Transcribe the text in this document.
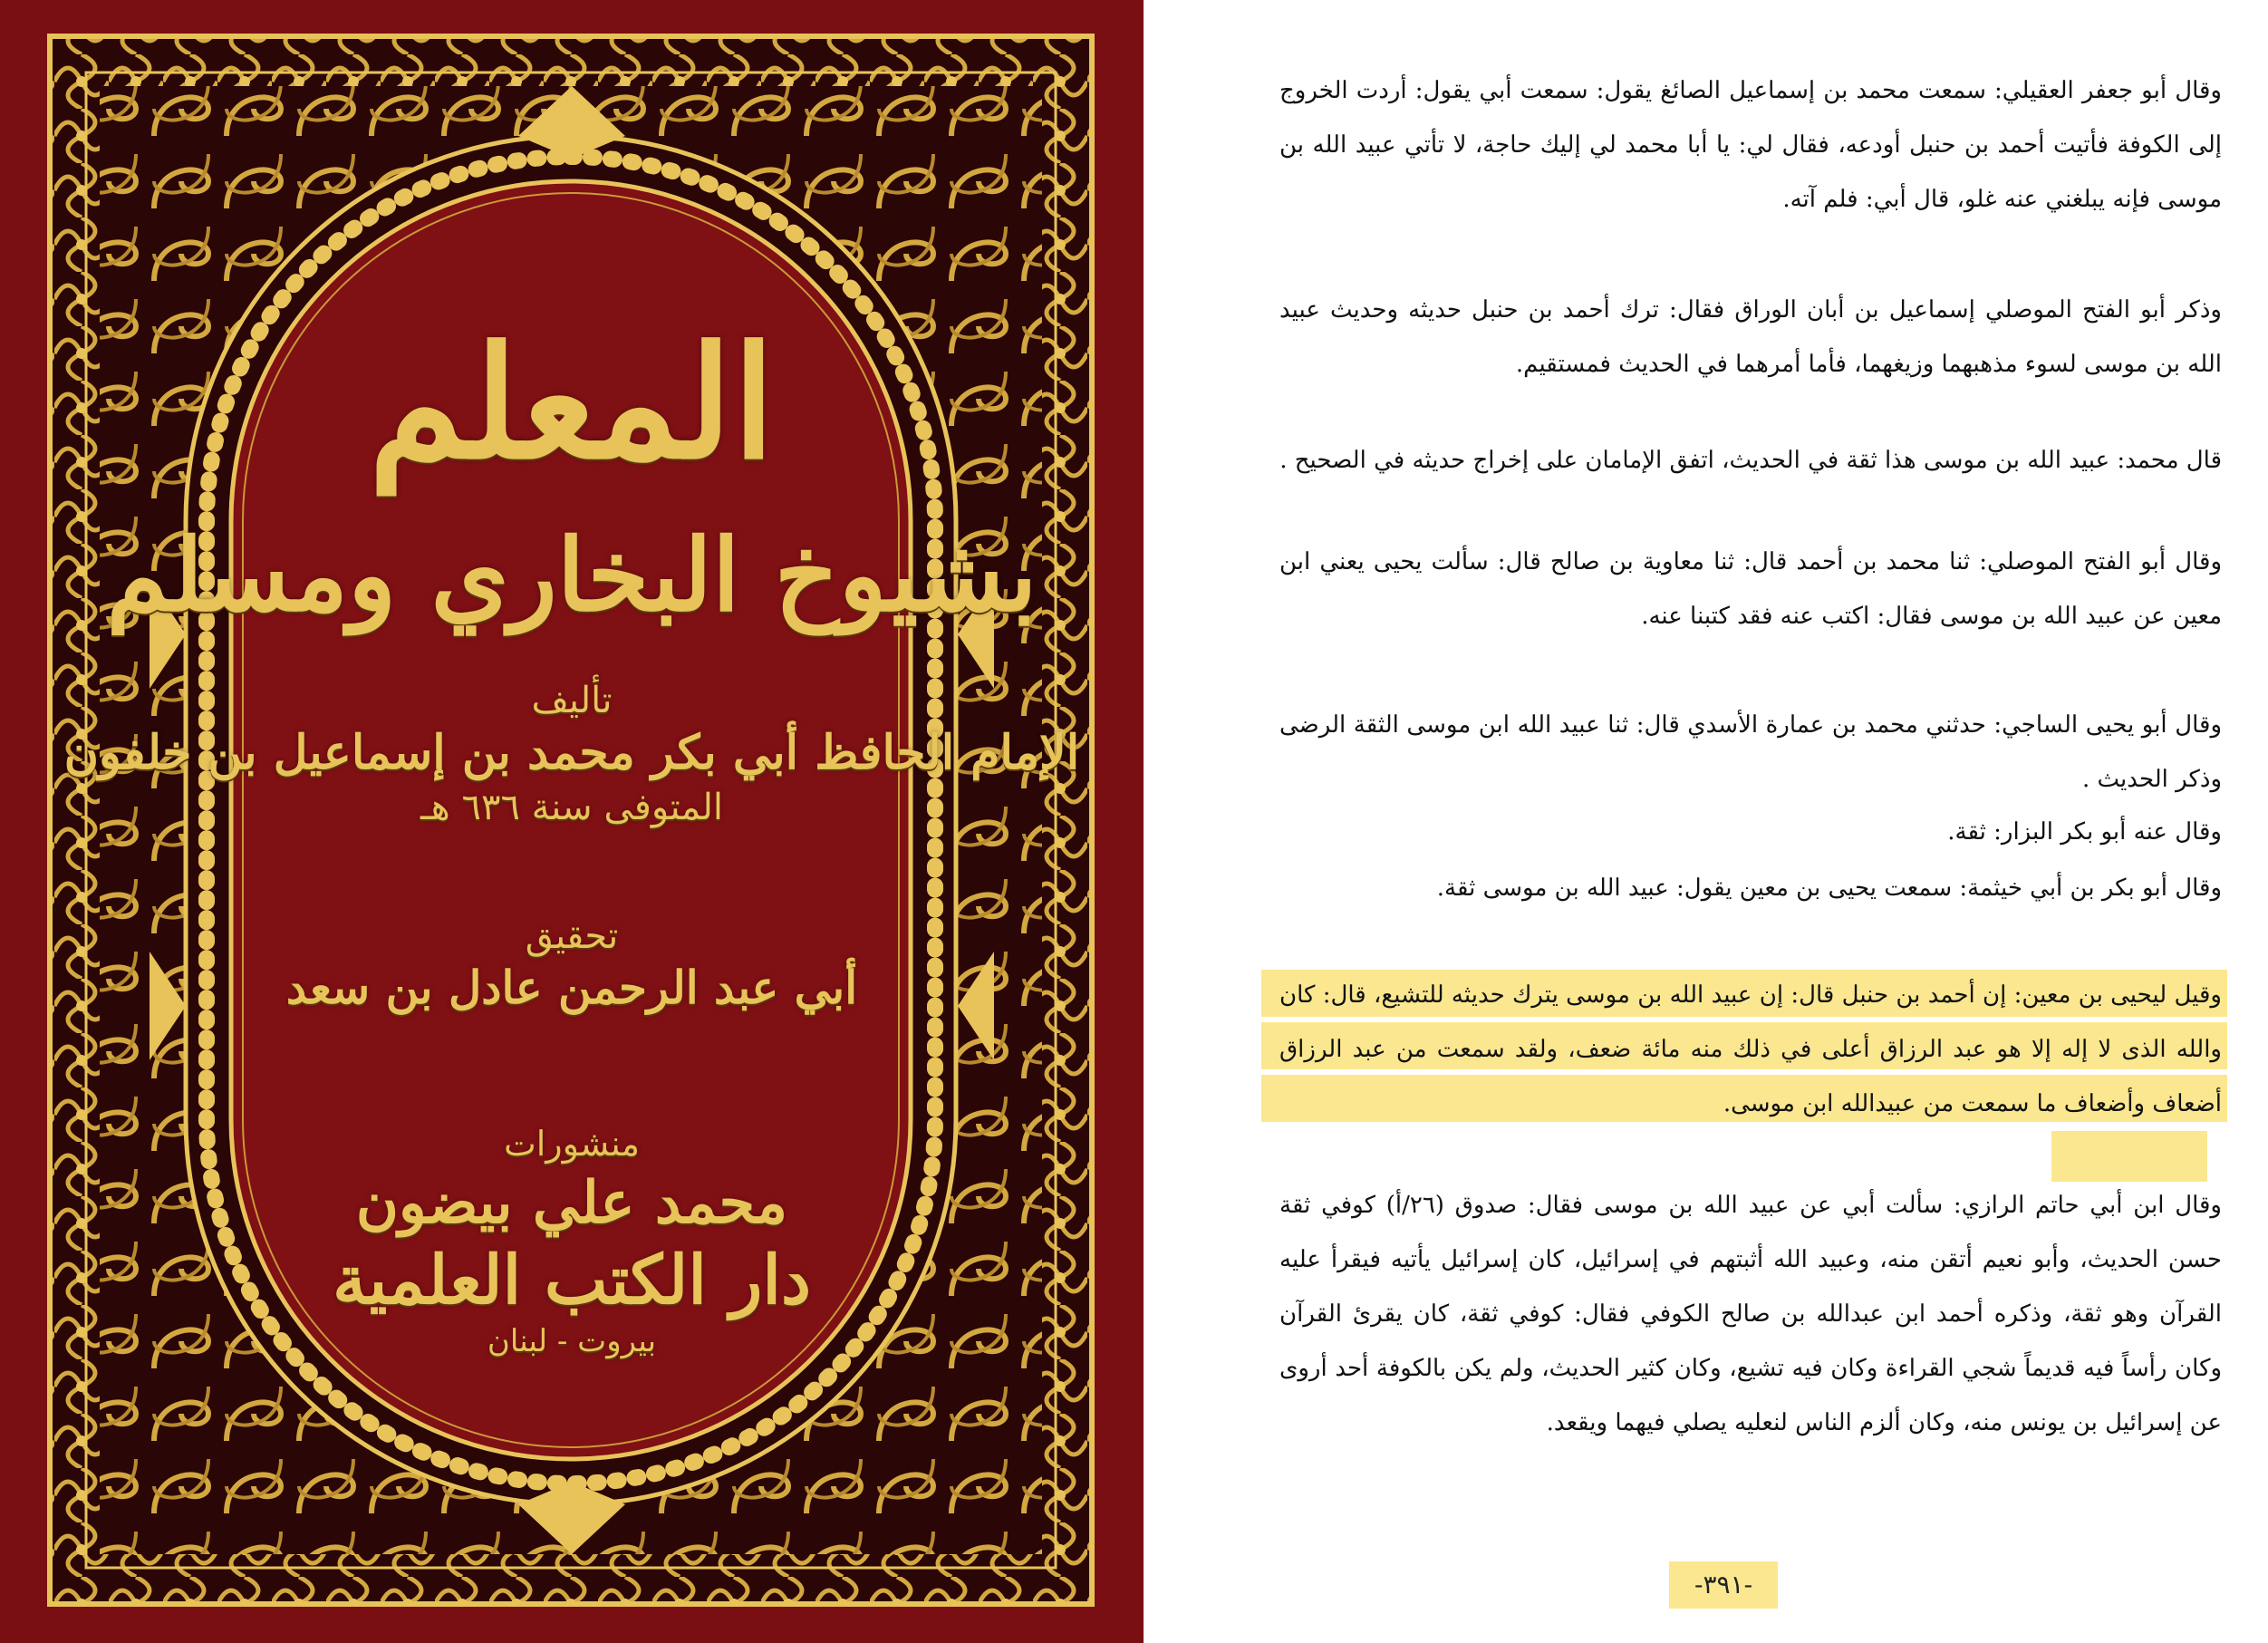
المعلم
بشيوخ البخاري ومسلم
تأليف
الإمام الحافظ أبي بكر محمد بن إسماعيل بن خلفون
المتوفى سنة ٦٣٦ هـ
تحقيق
أبي عبد الرحمن عادل بن سعد
منشورات
محمد علي بيضون
دار الكتب العلمية
بيروت - لبنان

وقال أبو جعفر العقيلي: سمعت محمد بن إسماعيل الصائغ يقول: سمعت أبي يقول: أردت الخروج إلى الكوفة فأتيت أحمد بن حنبل أودعه، فقال لي: يا أبا محمد لي إليك حاجة، لا تأتي عبيد الله بن موسى فإنه يبلغني عنه غلو، قال أبي: فلم آته.

وذكر أبو الفتح الموصلي إسماعيل بن أبان الوراق فقال: ترك أحمد بن حنبل حديثه وحديث عبيد الله بن موسى لسوء مذهبهما وزيغهما، فأما أمرهما في الحديث فمستقيم.

قال محمد: عبيد الله بن موسى هذا ثقة في الحديث، اتفق الإمامان على إخراج حديثه في الصحيح .

وقال أبو الفتح الموصلي: ثنا محمد بن أحمد قال: ثنا معاوية بن صالح قال: سألت يحيى يعني ابن معين عن عبيد الله بن موسى فقال: اكتب عنه فقد كتبنا عنه.

وقال أبو يحيى الساجي: حدثني محمد بن عمارة الأسدي قال: ثنا عبيد الله ابن موسى الثقة الرضى وذكر الحديث .

وقال عنه أبو بكر البزار: ثقة.

وقال أبو بكر بن أبي خيثمة: سمعت يحيى بن معين يقول: عبيد الله بن موسى ثقة.

وقيل ليحيى بن معين: إن أحمد بن حنبل قال: إن عبيد الله بن موسى يترك حديثه للتشيع، قال: كان والله الذى لا إله إلا هو عبد الرزاق أعلى في ذلك منه مائة ضعف، ولقد سمعت من عبد الرزاق أضعاف وأضعاف ما سمعت من عبيدالله ابن موسى.

وقال ابن أبي حاتم الرازي: سألت أبي عن عبيد الله بن موسى فقال: صدوق (٢٦/أ) كوفي ثقة حسن الحديث، وأبو نعيم أتقن منه، وعبيد الله أثبتهم في إسرائيل، كان إسرائيل يأتيه فيقرأ عليه القرآن وهو ثقة، وذكره أحمد ابن عبدالله بن صالح الكوفي فقال: كوفي ثقة، كان يقرئ القرآن وكان رأساً فيه قديماً شجي القراءة وكان فيه تشيع، وكان كثير الحديث، ولم يكن بالكوفة أحد أروى عن إسرائيل بن يونس منه، وكان ألزم الناس لنعليه يصلي فيهما ويقعد.

-٣٩١-
